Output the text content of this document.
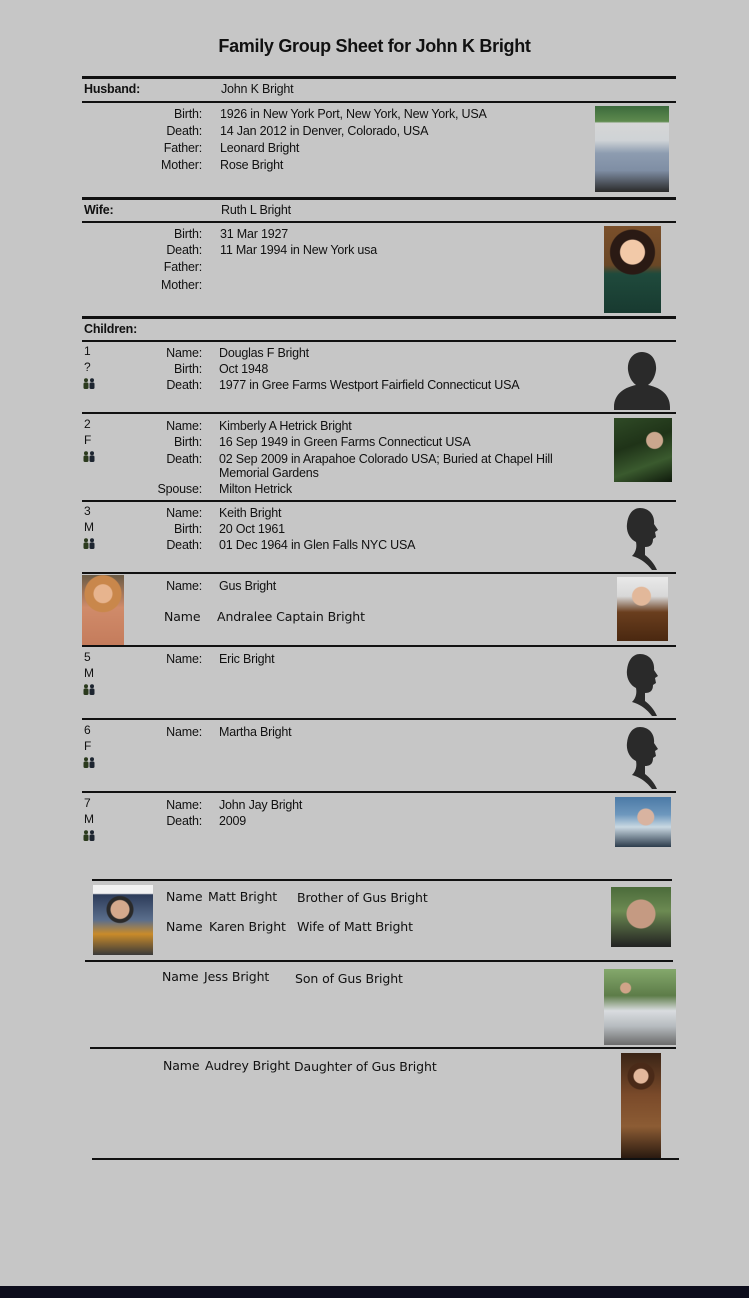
Family Group Sheet for John K Bright
Husband:	John K Bright
Birth:
Death:
Father:
Mother:
1926 in New York Port, New York, New York, USA
14 Jan 2012 in Denver, Colorado, USA
Leonard Bright
Rose Bright
Wife:	Ruth L Bright
Birth:
Death:
Father:
Mother:
31 Mar 1927
11 Mar 1994 in New York usa
Children:
1
?
Name:
Birth:
Death:
Douglas F Bright
Oct 1948
1977 in Gree Farms Westport Fairfield Connecticut USA
2
F
Name:
Birth:
Death:
Spouse:
Kimberly A Hetrick Bright
16 Sep 1949 in Green Farms Connecticut USA
02 Sep 2009 in Arapahoe Colorado USA; Buried at Chapel Hill
Memorial Gardens
Milton Hetrick
3
M
Name:
Birth:
Death:
Keith Bright
20 Oct 1961
01 Dec 1964 in Glen Falls NYC USA
Name: Gus Bright
Name Andralee Captain Bright
5
M
Name: Eric Bright
6
F
Name: Martha Bright
7
M
Name:
Death:
John Jay Bright
2009
Name Matt Bright Brother of Gus Bright
Name Karen Bright Wife of Matt Bright
Name Jess Bright Son of Gus Bright
Name Audrey Bright Daughter of Gus Bright
